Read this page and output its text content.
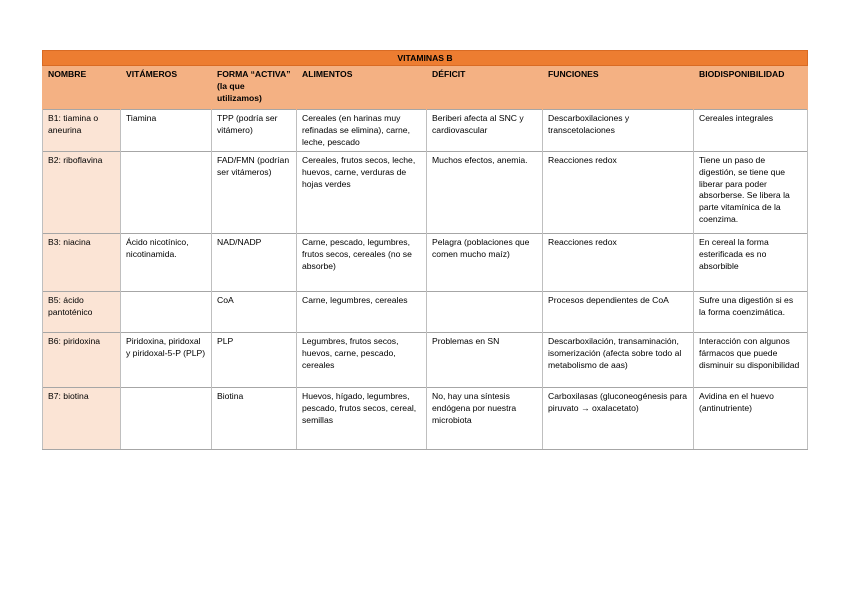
VITAMINAS B						
NOMBRE	VITÁMEROS	FORMA “ACTIVA” (la que utilizamos)	ALIMENTOS	DÉFICIT	FUNCIONES	BIODISPONIBILIDAD
B1: tiamina o aneurina	Tiamina	TPP (podría ser vitámero)	Cereales (en harinas muy refinadas se elimina), carne, leche, pescado	Beriberi afecta al SNC y cardiovascular	Descarboxilaciones y transcetolaciones	Cereales integrales
B2: riboflavina		FAD/FMN (podrían ser vitámeros)	Cereales, frutos secos, leche, huevos, carne, verduras de hojas verdes	Muchos efectos, anemia.	Reacciones redox	Tiene un paso de digestión, se tiene que liberar para poder absorberse. Se libera la parte vitamínica de la coenzima.
B3: niacina	Ácido nicotínico, nicotinamida.	NAD/NADP	Carne, pescado, legumbres, frutos secos, cereales (no se absorbe)	Pelagra (poblaciones que comen mucho maíz)	Reacciones redox	En cereal la forma esterificada es no absorbible
B5: ácido pantoténico		CoA	Carne, legumbres, cereales		Procesos dependientes de CoA	Sufre una digestión si es la forma coenzimática.
B6: piridoxina	Piridoxina, piridoxal y piridoxal-5-P (PLP)	PLP	Legumbres, frutos secos, huevos, carne, pescado, cereales	Problemas en SN	Descarboxilación, transaminación, isomerización (afecta sobre todo al metabolismo de aas)	Interacción con algunos fármacos que puede disminuir su disponibilidad
B7: biotina		Biotina	Huevos, hígado, legumbres, pescado, frutos secos, cereal, semillas	No, hay una síntesis endógena por nuestra microbiota	Carboxilasas (gluconeogénesis para piruvato → oxalacetato)	Avidina en el huevo (antinutriente)
